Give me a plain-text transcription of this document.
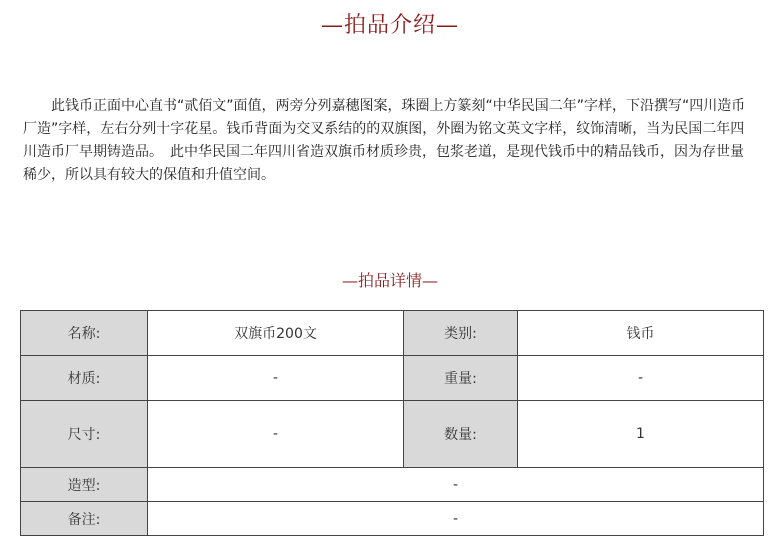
—拍品介绍—

此钱币正面中心直书“贰佰文”面值，两旁分列嘉穗图案，珠圈上方篆刻“中华民国二年”字样，下沿撰写“四川造币厂造”字样，左右分列十字花星。钱币背面为交叉系结的的双旗图，外圈为铭文英文字样，纹饰清晰，当为民国二年四川造币厂早期铸造品。　此中华民国二年四川省造双旗币材质珍贵，包浆老道，是现代钱币中的精品钱币，因为存世量稀少，所以具有较大的保值和升值空间。

—拍品详情—
名称:	双旗币200文	类别:	钱币
材质:	-	重量:	-
尺寸:	-	数量:	1
造型:	-		
备注:	-		
